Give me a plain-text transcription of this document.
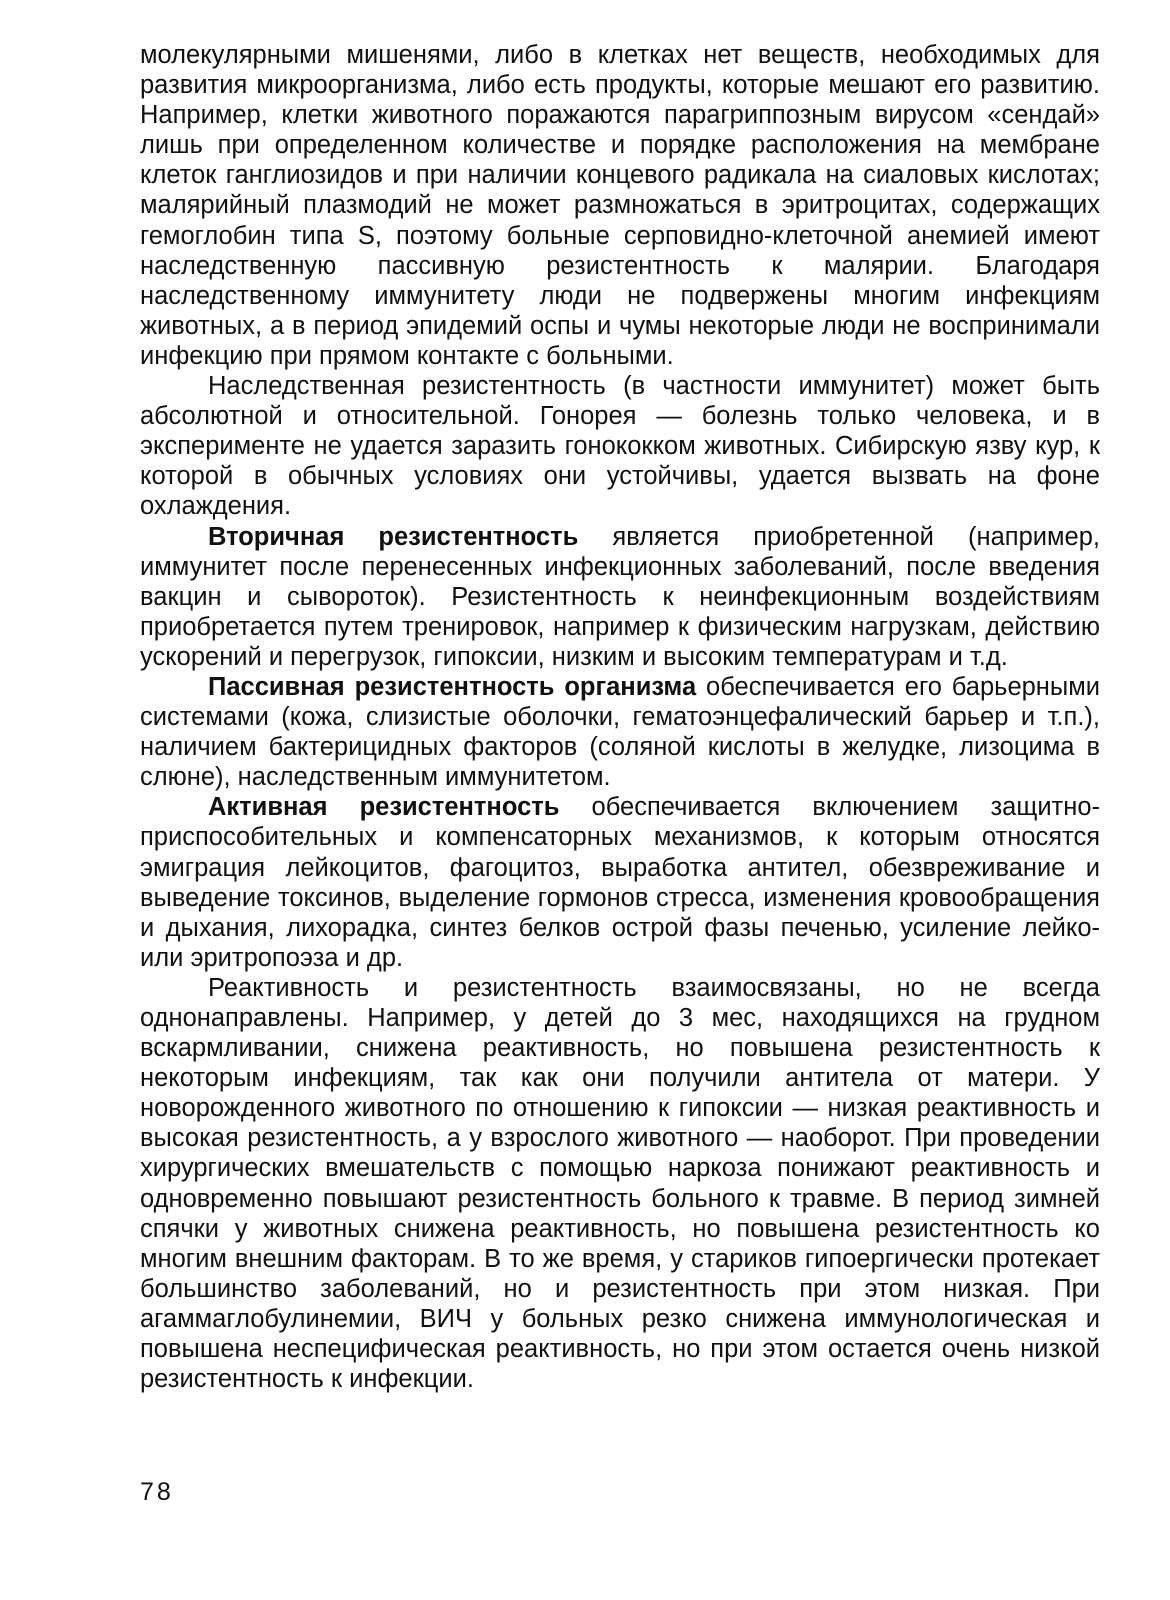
молекулярными мишенями, либо в клетках нет веществ, необходимых для развития микроорганизма, либо есть продукты, которые мешают его развитию. Например, клетки животного поражаются парагриппозным вирусом «сендай» лишь при определенном количестве и порядке расположения на мембране клеток ганглиозидов и при наличии концевого радикала на сиаловых кислотах; малярийный плазмодий не может размножаться в эритроцитах, содержащих гемоглобин типа S, поэтому больные серповидно-клеточной анемией имеют наследственную пассивную резистентность к малярии. Благодаря наследственному иммунитету люди не подвержены многим инфекциям животных, а в период эпидемий оспы и чумы некоторые люди не воспринимали инфекцию при прямом контакте с больными.

Наследственная резистентность (в частности иммунитет) может быть абсолютной и относительной. Гонорея — болезнь только человека, и в эксперименте не удается заразить гонококком животных. Сибирскую язву кур, к которой в обычных условиях они устойчивы, удается вызвать на фоне охлаждения.

Вторичная резистентность является приобретенной (например, иммунитет после перенесенных инфекционных заболеваний, после введения вакцин и сывороток). Резистентность к неинфекционным воздействиям приобретается путем тренировок, например к физическим нагрузкам, действию ускорений и перегрузок, гипоксии, низким и высоким температурам и т.д.

Пассивная резистентность организма обеспечивается его барьерными системами (кожа, слизистые оболочки, гематоэнцефалический барьер и т.п.), наличием бактерицидных факторов (соляной кислоты в желудке, лизоцима в слюне), наследственным иммунитетом.

Активная резистентность обеспечивается включением защитно-приспособительных и компенсаторных механизмов, к которым относятся эмиграция лейкоцитов, фагоцитоз, выработка антител, обезвреживание и выведение токсинов, выделение гормонов стресса, изменения кровообращения и дыхания, лихорадка, синтез белков острой фазы печенью, усиление лейко- или эритропоэза и др.

Реактивность и резистентность взаимосвязаны, но не всегда однонаправлены. Например, у детей до 3 мес, находящихся на грудном вскармливании, снижена реактивность, но повышена резистентность к некоторым инфекциям, так как они получили антитела от матери. У новорожденного животного по отношению к гипоксии — низкая реактивность и высокая резистентность, а у взрослого животного — наоборот. При проведении хирургических вмешательств с помощью наркоза понижают реактивность и одновременно повышают резистентность больного к травме. В период зимней спячки у животных снижена реактивность, но повышена резистентность ко многим внешним факторам. В то же время, у стариков гипоергически протекает большинство заболеваний, но и резистентность при этом низкая. При агаммаглобулинемии, ВИЧ у больных резко снижена иммунологическая и повышена неспецифическая реактивность, но при этом остается очень низкой резистентность к инфекции.

78
